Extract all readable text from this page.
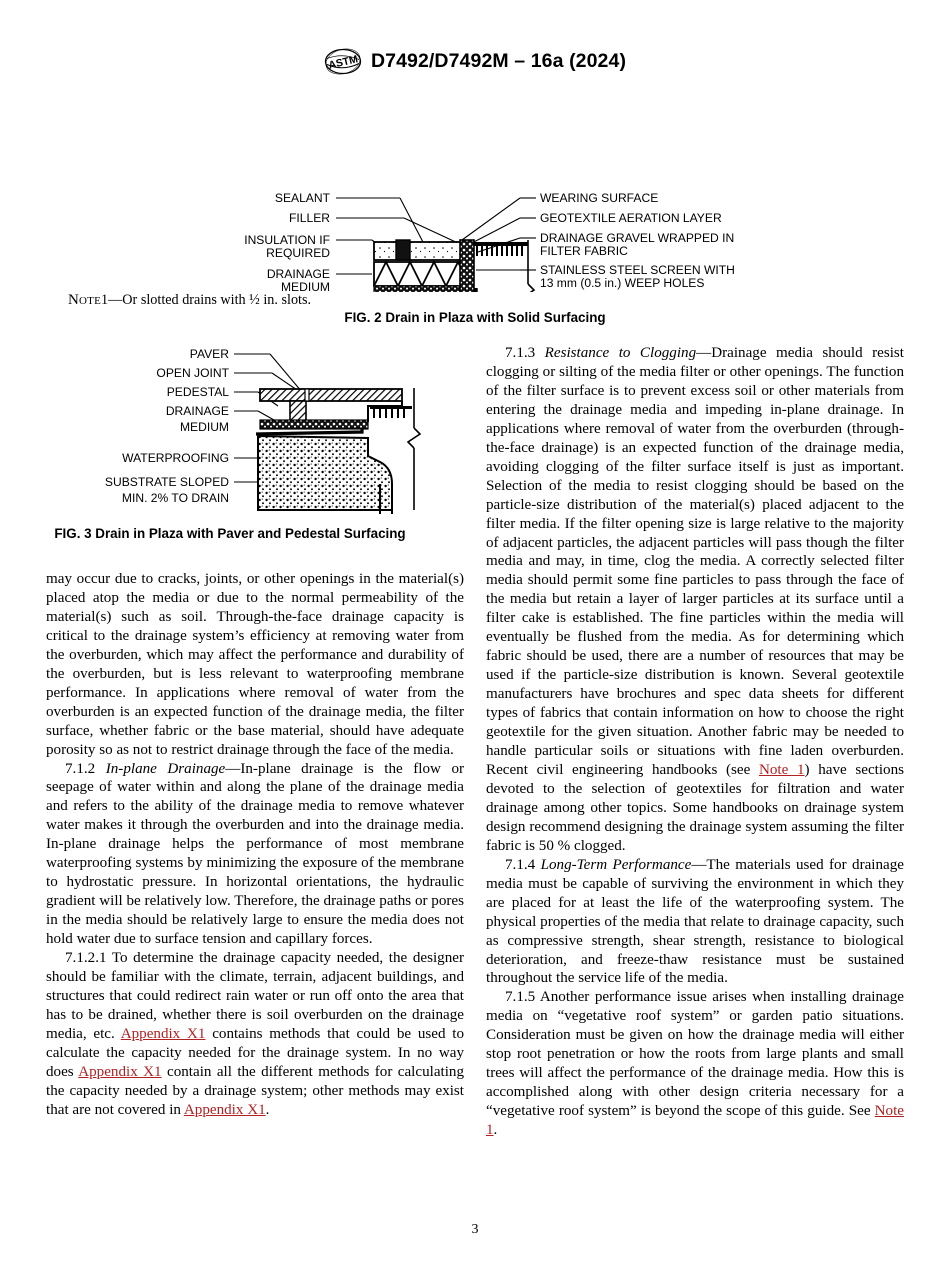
ASTM D7492/D7492M – 16a (2024)
SEALANT
FILLER
INSULATION IF
REQUIRED
DRAINAGE
MEDIUM
WEARING SURFACE
GEOTEXTILE AERATION LAYER
DRAINAGE GRAVEL WRAPPED IN
FILTER FABRIC
STAINLESS STEEL SCREEN WITH
13 mm (0.5 in.) WEEP HOLES
Note1—Or slotted drains with ½ in. slots.
FIG. 2 Drain in Plaza with Solid Surfacing
PAVER
OPEN JOINT
PEDESTAL
DRAINAGE
MEDIUM
WATERPROOFING
SUBSTRATE SLOPED
MIN. 2% TO DRAIN
FIG. 3 Drain in Plaza with Paver and Pedestal Surfacing

may occur due to cracks, joints, or other openings in the material(s) placed atop the media or due to the normal permeability of the material(s) such as soil. Through-the-face drainage capacity is critical to the drainage system’s efficiency at removing water from the overburden, which may affect the performance and durability of the overburden, but is less relevant to waterproofing membrane performance. In applications where removal of water from the overburden is an expected function of the drainage media, the filter surface, whether fabric or the base material, should have adequate porosity so as not to restrict drainage through the face of the media.

7.1.2 In-plane Drainage—In-plane drainage is the flow or seepage of water within and along the plane of the drainage media and refers to the ability of the drainage media to remove whatever water makes it through the overburden and into the drainage media. In-plane drainage helps the performance of most membrane waterproofing systems by minimizing the exposure of the membrane to hydrostatic pressure. In horizontal orientations, the hydraulic gradient will be relatively low. Therefore, the drainage paths or pores in the media should be relatively large to ensure the media does not hold water due to surface tension and capillary forces.

7.1.2.1 To determine the drainage capacity needed, the designer should be familiar with the climate, terrain, adjacent buildings, and structures that could redirect rain water or run off onto the area that has to be drained, whether there is soil overburden on the drainage media, etc. Appendix X1 contains methods that could be used to calculate the capacity needed for the drainage system. In no way does Appendix X1 contain all the different methods for calculating the capacity needed by a drainage system; other methods may exist that are not covered in Appendix X1.

7.1.3 Resistance to Clogging—Drainage media should resist clogging or silting of the media filter or other openings. The function of the filter surface is to prevent excess soil or other materials from entering the drainage media and impeding in-plane drainage. In applications where removal of water from the overburden (through-the-face drainage) is an expected function of the drainage media, avoiding clogging of the filter surface itself is just as important. Selection of the media to resist clogging should be based on the particle-size distribution of the material(s) placed adjacent to the filter media. If the filter opening size is large relative to the majority of adjacent particles, the adjacent particles will pass though the filter media and may, in time, clog the media. A correctly selected filter media should permit some fine particles to pass through the face of the media but retain a layer of larger particles at its surface until a filter cake is established. The fine particles within the media will eventually be flushed from the media. As for determining which fabric should be used, there are a number of resources that may be used if the particle-size distribution is known. Several geotextile manufacturers have brochures and spec data sheets for different types of fabrics that contain information on how to choose the right geotextile for the given situation. Another fabric may be needed to handle particular soils or situations with fine laden overburden. Recent civil engineering handbooks (see Note 1) have sections devoted to the selection of geotextiles for filtration and water drainage among other topics. Some handbooks on drainage system design recommend designing the drainage system assuming the filter fabric is 50 % clogged.

7.1.4 Long-Term Performance—The materials used for drainage media must be capable of surviving the environment in which they are placed for at least the life of the waterproofing system. The physical properties of the media that relate to drainage capacity, such as compressive strength, shear strength, resistance to biological deterioration, and freeze-thaw resistance must be sustained throughout the service life of the media.

7.1.5 Another performance issue arises when installing drainage media on “vegetative roof system” or garden patio situations. Consideration must be given on how the drainage media will either stop root penetration or how the roots from large plants and small trees will affect the performance of the drainage media. How this is accomplished along with other design criteria necessary for a “vegetative roof system” is beyond the scope of this guide. See Note 1.

3
